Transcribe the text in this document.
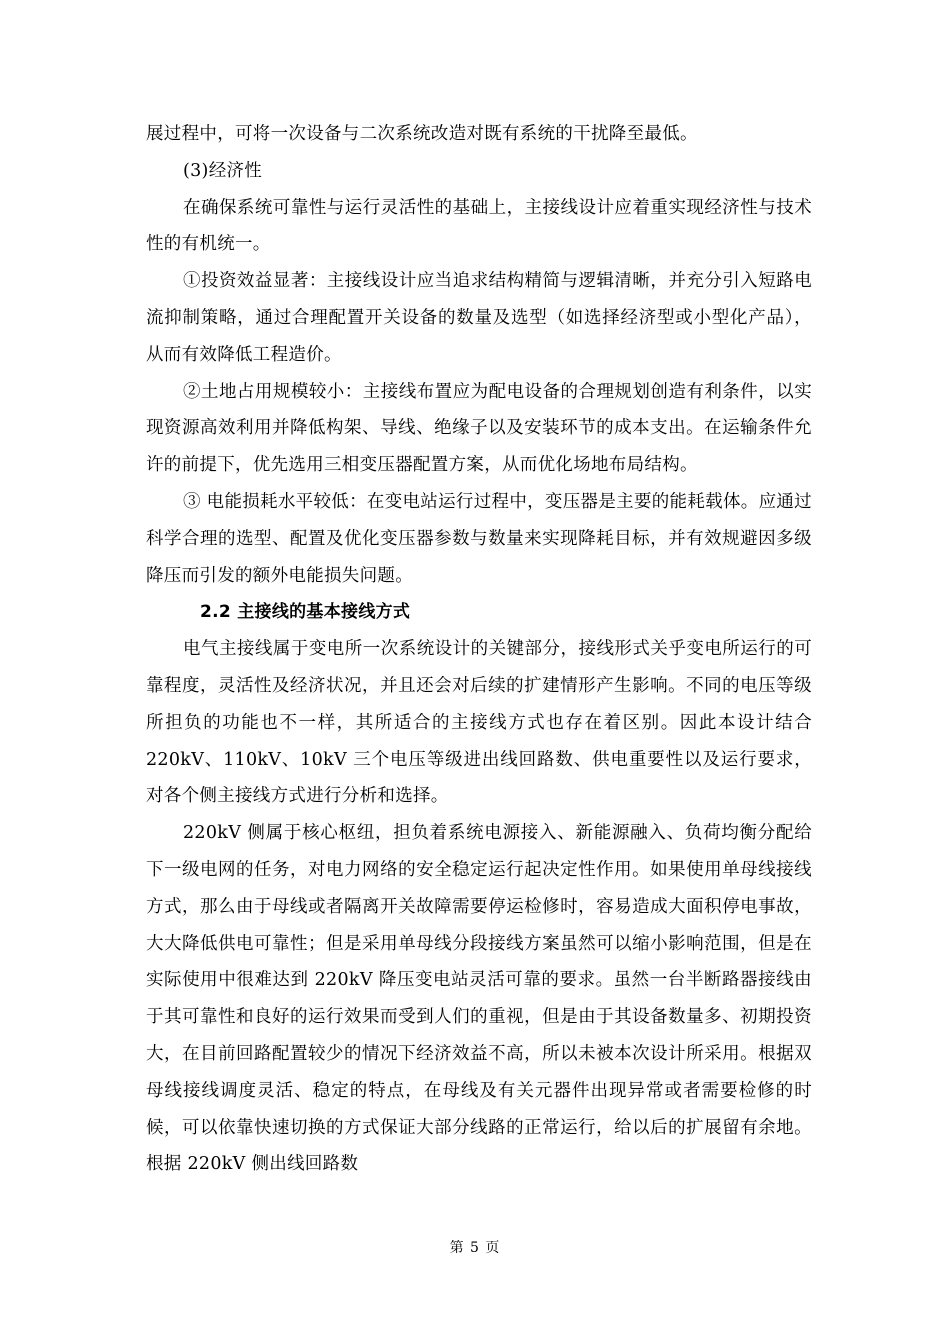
展过程中，可将一次设备与二次系统改造对既有系统的干扰降至最低。

(3)经济性

在确保系统可靠性与运行灵活性的基础上，主接线设计应着重实现经济性与技术性的有机统一。

①投资效益显著：主接线设计应当追求结构精简与逻辑清晰，并充分引入短路电流抑制策略，通过合理配置开关设备的数量及选型（如选择经济型或小型化产品），从而有效降低工程造价。

②土地占用规模较小：主接线布置应为配电设备的合理规划创造有利条件，以实现资源高效利用并降低构架、导线、绝缘子以及安装环节的成本支出。在运输条件允许的前提下，优先选用三相变压器配置方案，从而优化场地布局结构。

③ 电能损耗水平较低：在变电站运行过程中，变压器是主要的能耗载体。应通过科学合理的选型、配置及优化变压器参数与数量来实现降耗目标，并有效规避因多级降压而引发的额外电能损失问题。

2.2 主接线的基本接线方式

电气主接线属于变电所一次系统设计的关键部分，接线形式关乎变电所运行的可靠程度，灵活性及经济状况，并且还会对后续的扩建情形产生影响。不同的电压等级所担负的功能也不一样，其所适合的主接线方式也存在着区别。因此本设计结合 220kV、110kV、10kV 三个电压等级进出线回路数、供电重要性以及运行要求，对各个侧主接线方式进行分析和选择。

220kV 侧属于核心枢纽，担负着系统电源接入、新能源融入、负荷均衡分配给下一级电网的任务，对电力网络的安全稳定运行起决定性作用。如果使用单母线接线方式，那么由于母线或者隔离开关故障需要停运检修时，容易造成大面积停电事故，大大降低供电可靠性；但是采用单母线分段接线方案虽然可以缩小影响范围，但是在实际使用中很难达到 220kV 降压变电站灵活可靠的要求。虽然一台半断路器接线由于其可靠性和良好的运行效果而受到人们的重视，但是由于其设备数量多、初期投资大，在目前回路配置较少的情况下经济效益不高，所以未被本次设计所采用。根据双母线接线调度灵活、稳定的特点，在母线及有关元器件出现异常或者需要检修的时候，可以依靠快速切换的方式保证大部分线路的正常运行，给以后的扩展留有余地。根据 220kV 侧出线回路数

第 5 页
